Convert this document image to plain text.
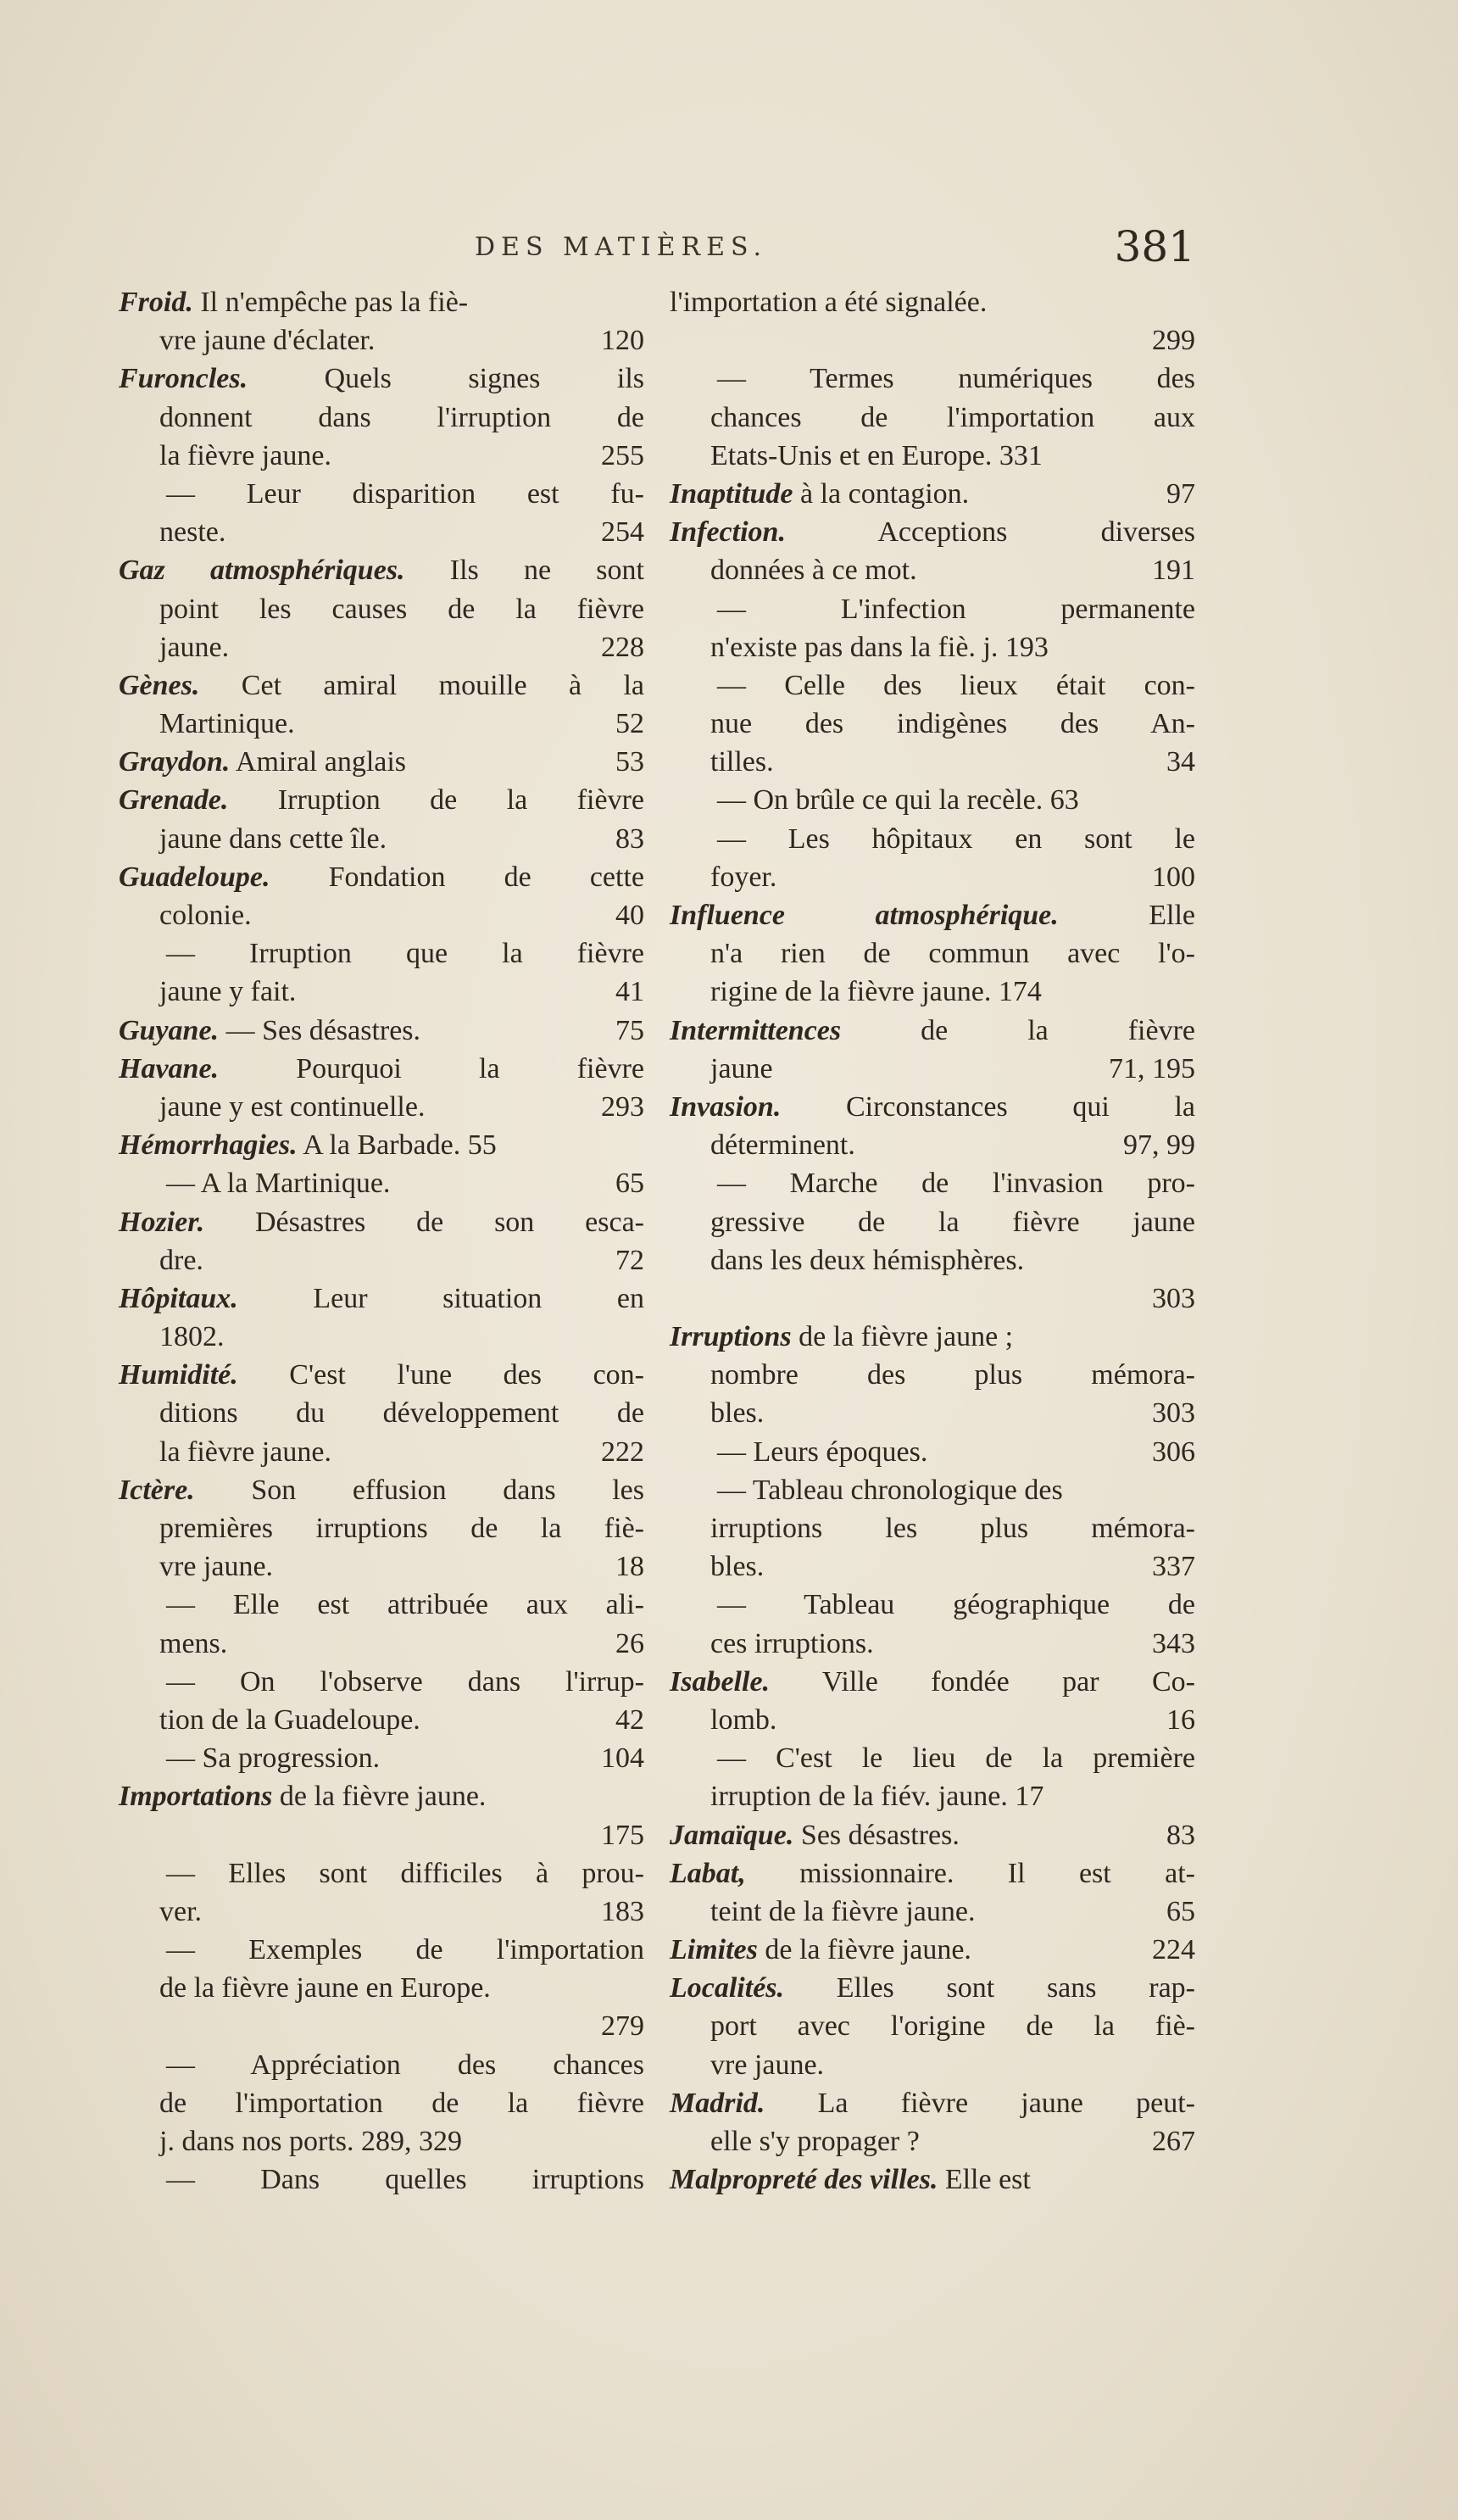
DES MATIÈRES.	381
Froid. Il n'empêche pas la fiè-
vre jaune d'éclater.	120
Furoncles. Quels signes ils
donnent dans l'irruption de
la fièvre jaune.	255
— Leur disparition est fu-
neste.	254
Gaz atmosphériques. Ils ne sont
point les causes de la fièvre
jaune.	228
Gènes. Cet amiral mouille à la
Martinique.	52
Graydon. Amiral anglais	53
Grenade. Irruption de la fièvre
jaune dans cette île.	83
Guadeloupe. Fondation de cette
colonie.	40
— Irruption que la fièvre
jaune y fait.	41
Guyane. — Ses désastres.	75
Havane. Pourquoi la fièvre
jaune y est continuelle.	293
Hémorrhagies. A la Barbade. 55
— A la Martinique.	65
Hozier. Désastres de son esca-
dre.	72
Hôpitaux. Leur situation en
1802.
Humidité. C'est l'une des con-
ditions du développement de
la fièvre jaune.	222
Ictère. Son effusion dans les
premières irruptions de la fiè-
vre jaune.	18
— Elle est attribuée aux ali-
mens.	26
— On l'observe dans l'irrup-
tion de la Guadeloupe.	42
— Sa progression.	104
Importations de la fièvre jaune.
175
— Elles sont difficiles à prou-
ver.	183
— Exemples de l'importation
de la fièvre jaune en Europe.
279
— Appréciation des chances
de l'importation de la fièvre
j. dans nos ports. 289, 329
— Dans quelles irruptions
l'importation a été signalée.
299
— Termes numériques des
chances de l'importation aux
Etats-Unis et en Europe. 331
Inaptitude à la contagion.	97
Infection. Acceptions diverses
données à ce mot.	191
— L'infection permanente
n'existe pas dans la fiè. j. 193
— Celle des lieux était con-
nue des indigènes des An-
tilles.	34
— On brûle ce qui la recèle. 63
— Les hôpitaux en sont le
foyer.	100
Influence atmosphérique. Elle
n'a rien de commun avec l'o-
rigine de la fièvre jaune. 174
Intermittences de la fièvre
jaune	71, 195
Invasion. Circonstances qui la
déterminent.	97, 99
— Marche de l'invasion pro-
gressive de la fièvre jaune
dans les deux hémisphères.
303
Irruptions de la fièvre jaune ;
nombre des plus mémora-
bles.	303
— Leurs époques.	306
— Tableau chronologique des
irruptions les plus mémora-
bles.	337
— Tableau géographique de
ces irruptions.	343
Isabelle. Ville fondée par Co-
lomb.	16
— C'est le lieu de la première
irruption de la fiév. jaune. 17
Jamaïque. Ses désastres.	83
Labat, missionnaire. Il est at-
teint de la fièvre jaune.	65
Limites de la fièvre jaune.	224
Localités. Elles sont sans rap-
port avec l'origine de la fiè-
vre jaune.
Madrid. La fièvre jaune peut-
elle s'y propager ?	267
Malpropreté des villes. Elle est
